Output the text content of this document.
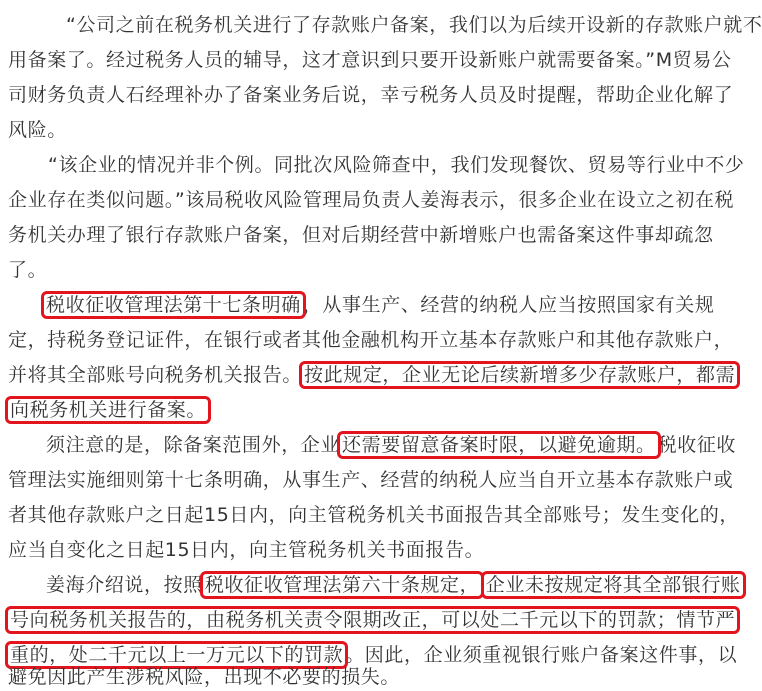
“公司之前在税务机关进行了存款账户备案，我们以为后续开设新的存款账户就不
用备案了。经过税务人员的辅导，这才意识到只要开设新账户就需要备案。”M贸易公
司财务负责人石经理补办了备案业务后说，幸亏税务人员及时提醒，帮助企业化解了
风险。
“该企业的情况并非个例。同批次风险筛查中，我们发现餐饮、贸易等行业中不少
企业存在类似问题。”该局税收风险管理局负责人姜海表示，很多企业在设立之初在税
务机关办理了银行存款账户备案，但对后期经营中新增账户也需备案这件事却疏忽
了。
税收征收管理法第十七条明确 ，从事生产、经营的纳税人应当按照国家有关规
定，持税务登记证件，在银行或者其他金融机构开立基本存款账户和其他存款账户，
并将其全部账号向税务机关报告。 按此规定，企业无论后续新增多少存款账户，都需
向税务机关进行备案。
须注意的是，除备案范围外，企业 还需要留意备案时限，以避免逾期。 税收征收
管理法实施细则第十七条明确，从事生产、经营的纳税人应当自开立基本存款账户或
者其他存款账户之日起15日内，向主管税务机关书面报告其全部账号；发生变化的，
应当自变化之日起15日内，向主管税务机关书面报告。
姜海介绍说，按照 税收征收管理法第六十条规定，  企业未按规定将其全部银行账
号向税务机关报告的，由税务机关责令限期改正，可以处二千元以下的罚款；情节严
重的，处二千元以上一万元以下的罚款 。因此，企业须重视银行账户备案这件事，以
避免因此产生涉税风险，出现不必要的损失。
